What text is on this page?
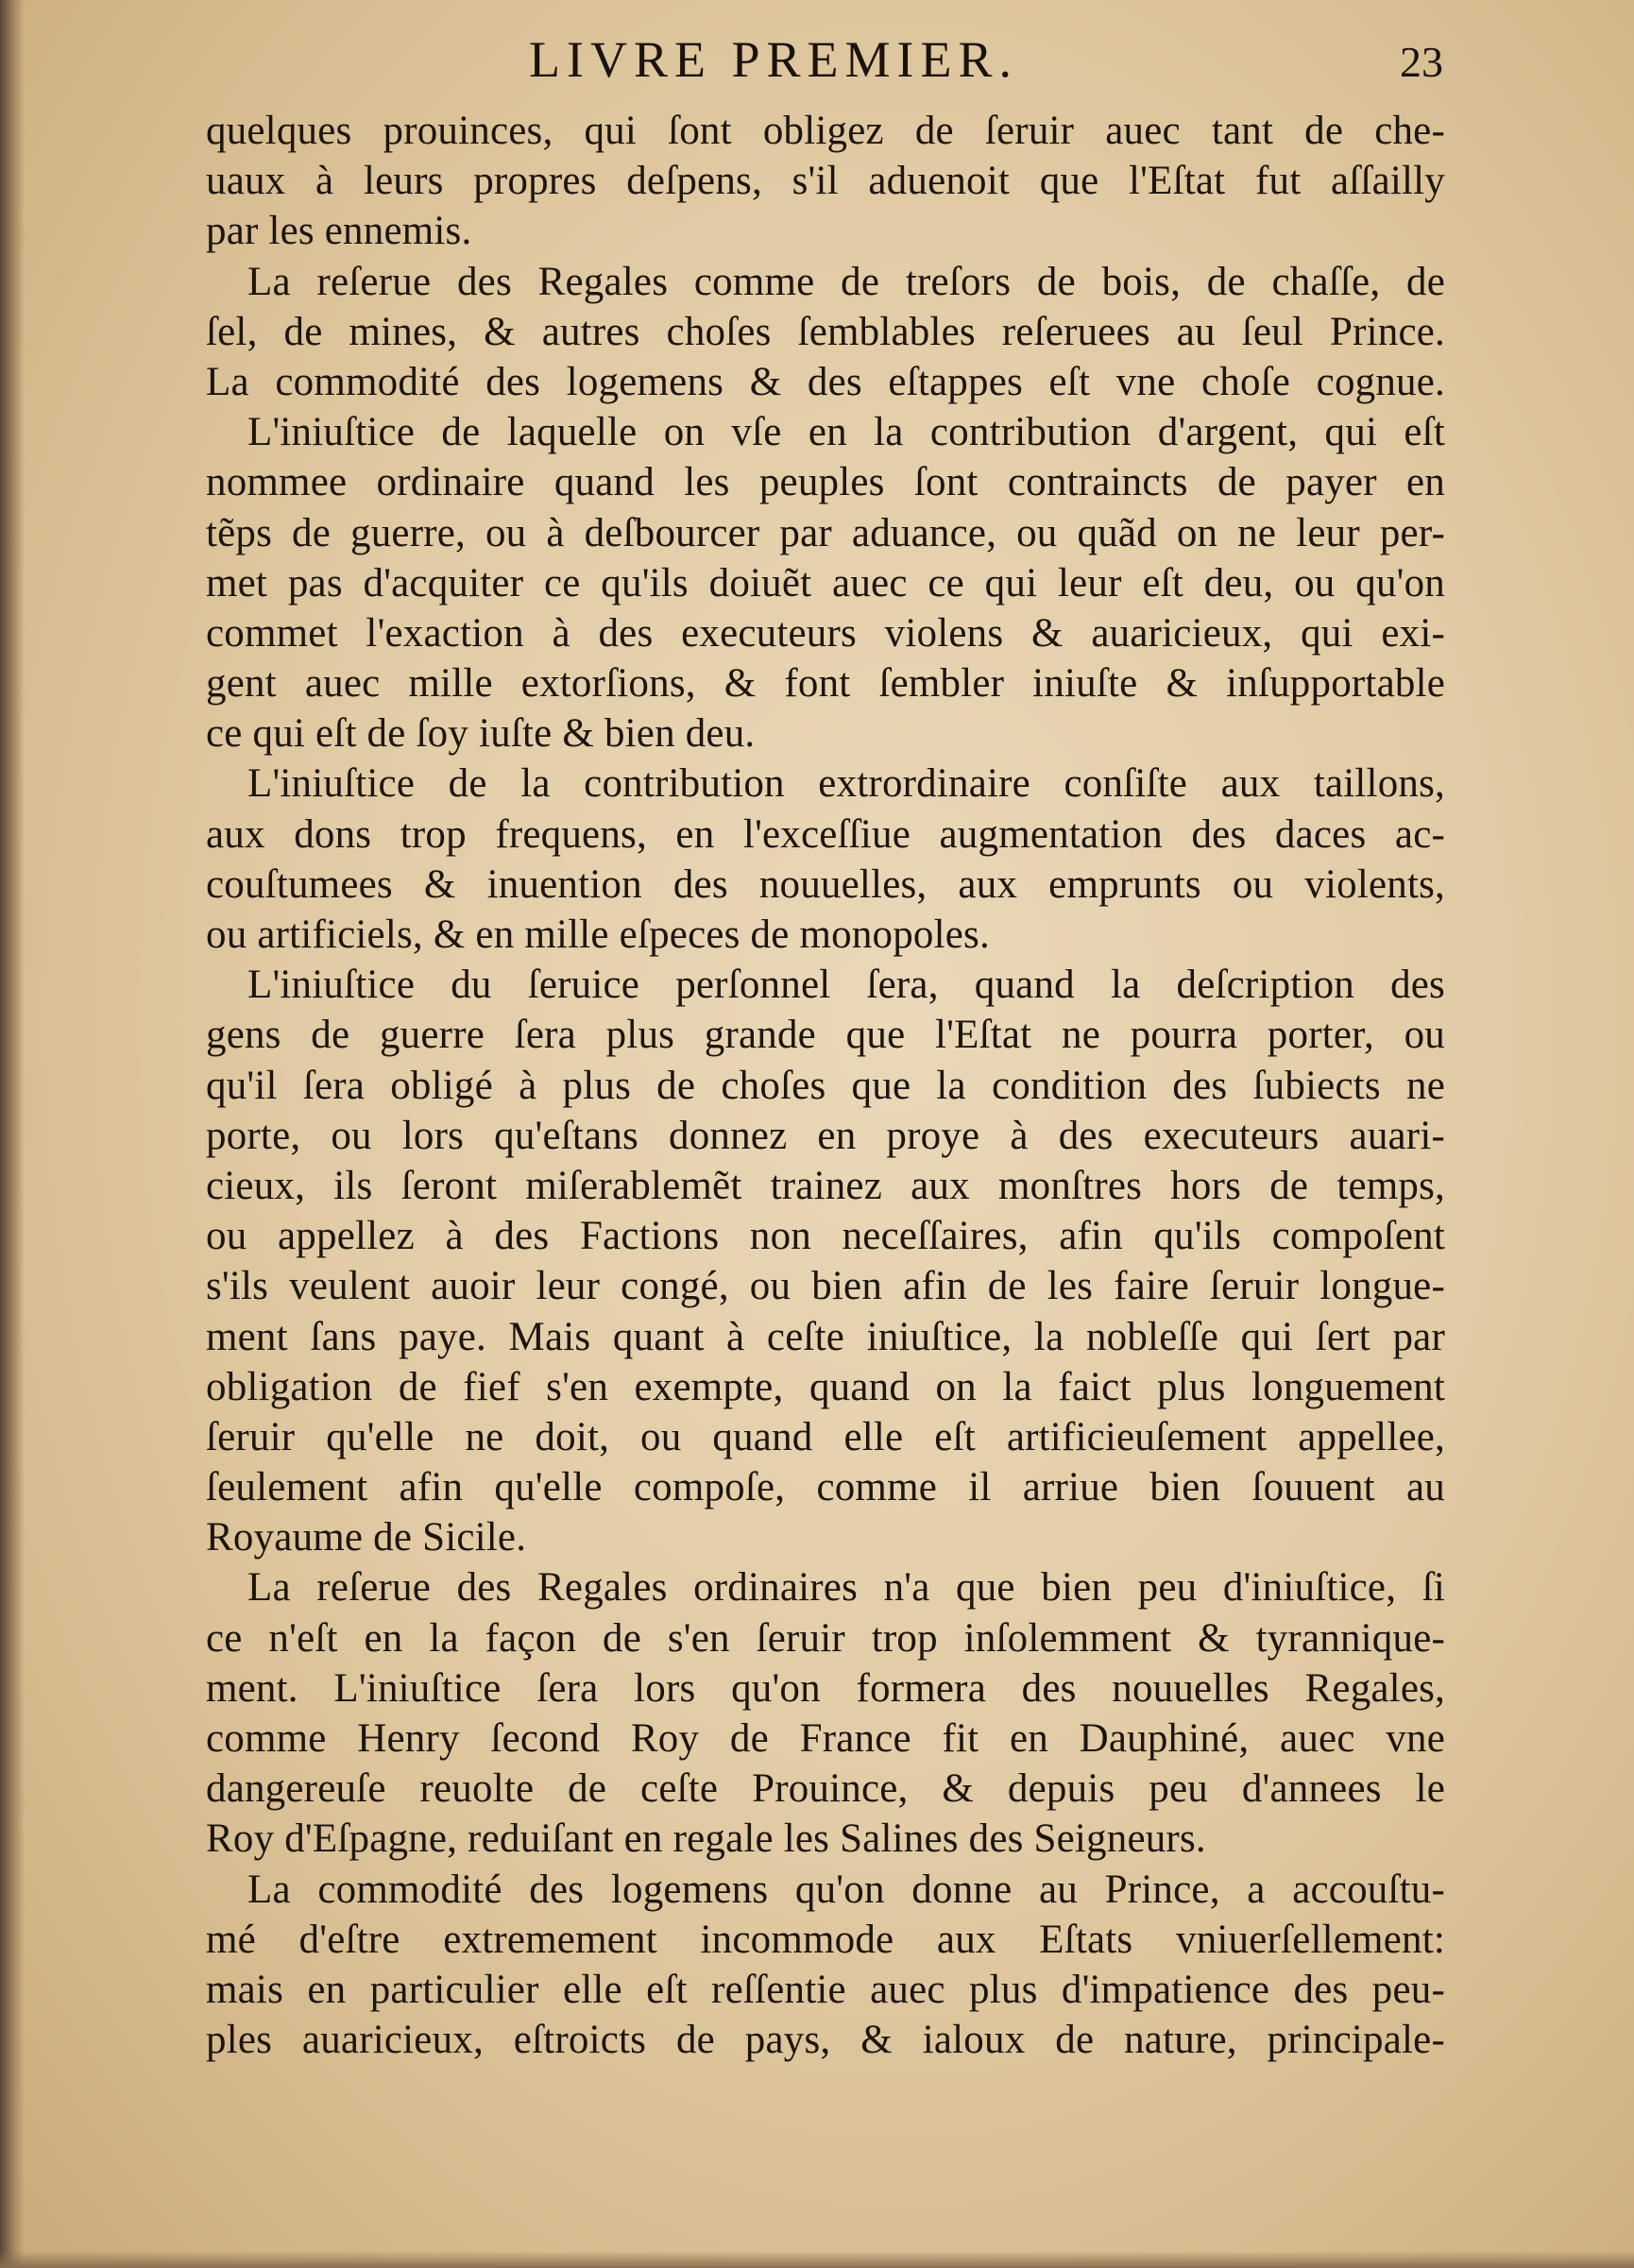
LIVRE PREMIER.	23
quelques prouinces, qui ſont obligez de ſeruir auec tant de che-
uaux à leurs propres deſpens, s'il aduenoit que l'Eſtat fut aſſailly
par les ennemis.
La reſerue des Regales comme de treſors de bois, de chaſſe, de
ſel, de mines, & autres choſes ſemblables reſeruees au ſeul Prince.
La commodité des logemens & des eſtappes eſt vne choſe cognue.
L'iniuſtice de laquelle on vſe en la contribution d'argent, qui eſt
nommee ordinaire quand les peuples ſont contraincts de payer en
tẽps de guerre, ou à deſbourcer par aduance, ou quãd on ne leur per-
met pas d'acquiter ce qu'ils doiuẽt auec ce qui leur eſt deu, ou qu'on
commet l'exaction à des executeurs violens & auaricieux, qui exi-
gent auec mille extorſions, & font ſembler iniuſte & inſupportable
ce qui eſt de ſoy iuſte & bien deu.
L'iniuſtice de la contribution extrordinaire conſiſte aux taillons,
aux dons trop frequens, en l'exceſſiue augmentation des daces ac-
couſtumees & inuention des nouuelles, aux emprunts ou violents,
ou artificiels, & en mille eſpeces de monopoles.
L'iniuſtice du ſeruice perſonnel ſera, quand la deſcription des
gens de guerre ſera plus grande que l'Eſtat ne pourra porter, ou
qu'il ſera obligé à plus de choſes que la condition des ſubiects ne
porte, ou lors qu'eſtans donnez en proye à des executeurs auari-
cieux, ils ſeront miſerablemẽt trainez aux monſtres hors de temps,
ou appellez à des Factions non neceſſaires, afin qu'ils compoſent
s'ils veulent auoir leur congé, ou bien afin de les faire ſeruir longue-
ment ſans paye. Mais quant à ceſte iniuſtice, la nobleſſe qui ſert par
obligation de fief s'en exempte, quand on la faict plus longuement
ſeruir qu'elle ne doit, ou quand elle eſt artificieuſement appellee,
ſeulement afin qu'elle compoſe, comme il arriue bien ſouuent au
Royaume de Sicile.
La reſerue des Regales ordinaires n'a que bien peu d'iniuſtice, ſi
ce n'eſt en la façon de s'en ſeruir trop inſolemment & tyrannique-
ment. L'iniuſtice ſera lors qu'on formera des nouuelles Regales,
comme Henry ſecond Roy de France fit en Dauphiné, auec vne
dangereuſe reuolte de ceſte Prouince, & depuis peu d'annees le
Roy d'Eſpagne, reduiſant en regale les Salines des Seigneurs.
La commodité des logemens qu'on donne au Prince, a accouſtu-
mé d'eſtre extremement incommode aux Eſtats vniuerſellement:
mais en particulier elle eſt reſſentie auec plus d'impatience des peu-
ples auaricieux, eſtroicts de pays, & ialoux de nature, principale-
